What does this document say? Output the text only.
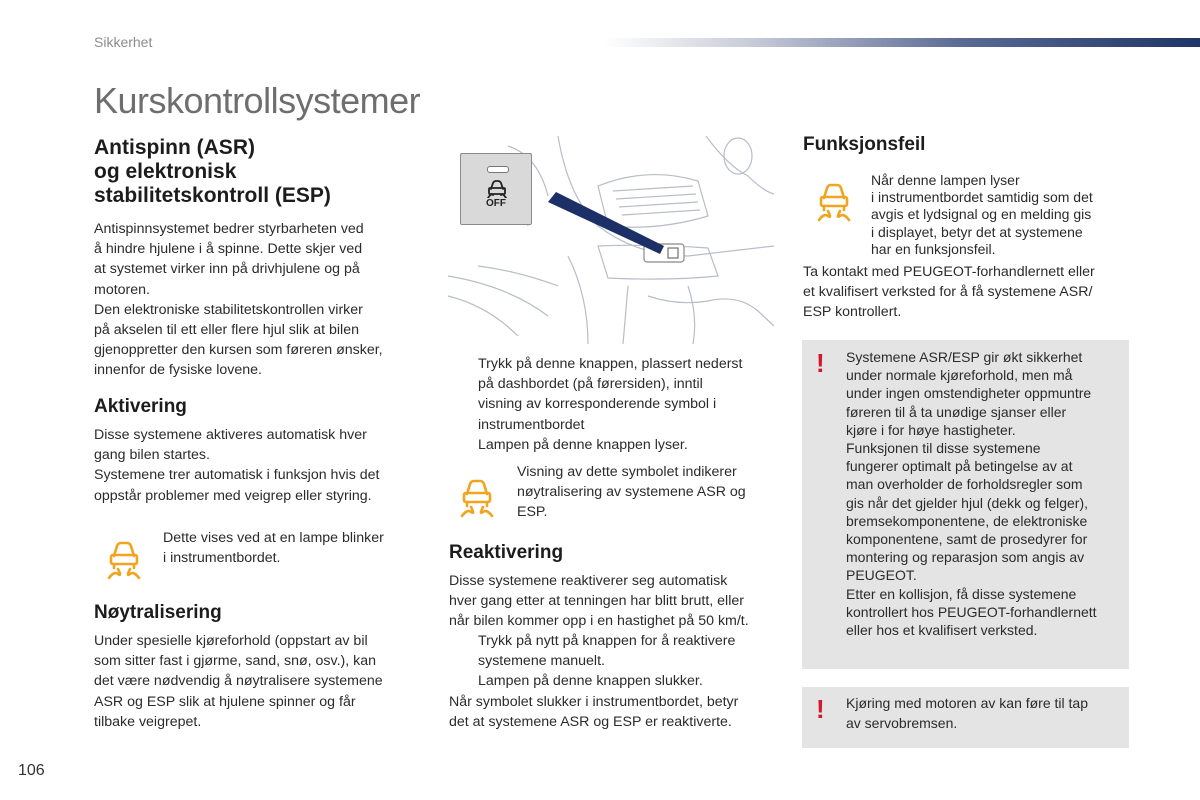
Sikkerhet
Kurskontrollsystemer
Antispinn (ASR)
og elektronisk
stabilitetskontroll (ESP)
Antispinnsystemet bedrer styrbarheten ved
å hindre hjulene i å spinne. Dette skjer ved
at systemet virker inn på drivhjulene og på
motoren.
Den elektroniske stabilitetskontrollen virker
på akselen til ett eller flere hjul slik at bilen
gjenoppretter den kursen som føreren ønsker,
innenfor de fysiske lovene.
Aktivering
Disse systemene aktiveres automatisk hver
gang bilen startes.
Systemene trer automatisk i funksjon hvis det
oppstår problemer med veigrep eller styring.
Dette vises ved at en lampe blinker
i instrumentbordet.
Nøytralisering
Under spesielle kjøreforhold (oppstart av bil
som sitter fast i gjørme, sand, snø, osv.), kan
det være nødvendig å nøytralisere systemene
ASR og ESP slik at hjulene spinner og får
tilbake veigrepet.
OFF
Trykk på denne knappen, plassert nederst
på dashbordet (på førersiden), inntil
visning av korresponderende symbol i
instrumentbordet
Lampen på denne knappen lyser.
Visning av dette symbolet indikerer
nøytralisering av systemene ASR og
ESP.
Reaktivering
Disse systemene reaktiverer seg automatisk
hver gang etter at tenningen har blitt brutt, eller
når bilen kommer opp i en hastighet på 50 km/t.
Trykk på nytt på knappen for å reaktivere
systemene manuelt.
Lampen på denne knappen slukker.
Når symbolet slukker i instrumentbordet, betyr
det at systemene ASR og ESP er reaktiverte.
Funksjonsfeil
Når denne lampen lyser
i instrumentbordet samtidig som det
avgis et lydsignal og en melding gis
i displayet, betyr det at systemene
har en funksjonsfeil.
Ta kontakt med PEUGEOT-forhandlernett eller
et kvalifisert verksted for å få systemene ASR/
ESP kontrollert.
! Systemene ASR/ESP gir økt sikkerhet
under normale kjøreforhold, men må
under ingen omstendigheter oppmuntre
føreren til å ta unødige sjanser eller
kjøre i for høye hastigheter.
Funksjonen til disse systemene
fungerer optimalt på betingelse av at
man overholder de forholdsregler som
gis når det gjelder hjul (dekk og felger),
bremsekomponentene, de elektroniske
komponentene, samt de prosedyrer for
montering og reparasjon som angis av
PEUGEOT.
Etter en kollisjon, få disse systemene
kontrollert hos PEUGEOT-forhandlernett
eller hos et kvalifisert verksted.
! Kjøring med motoren av kan føre til tap
av servobremsen.
106
